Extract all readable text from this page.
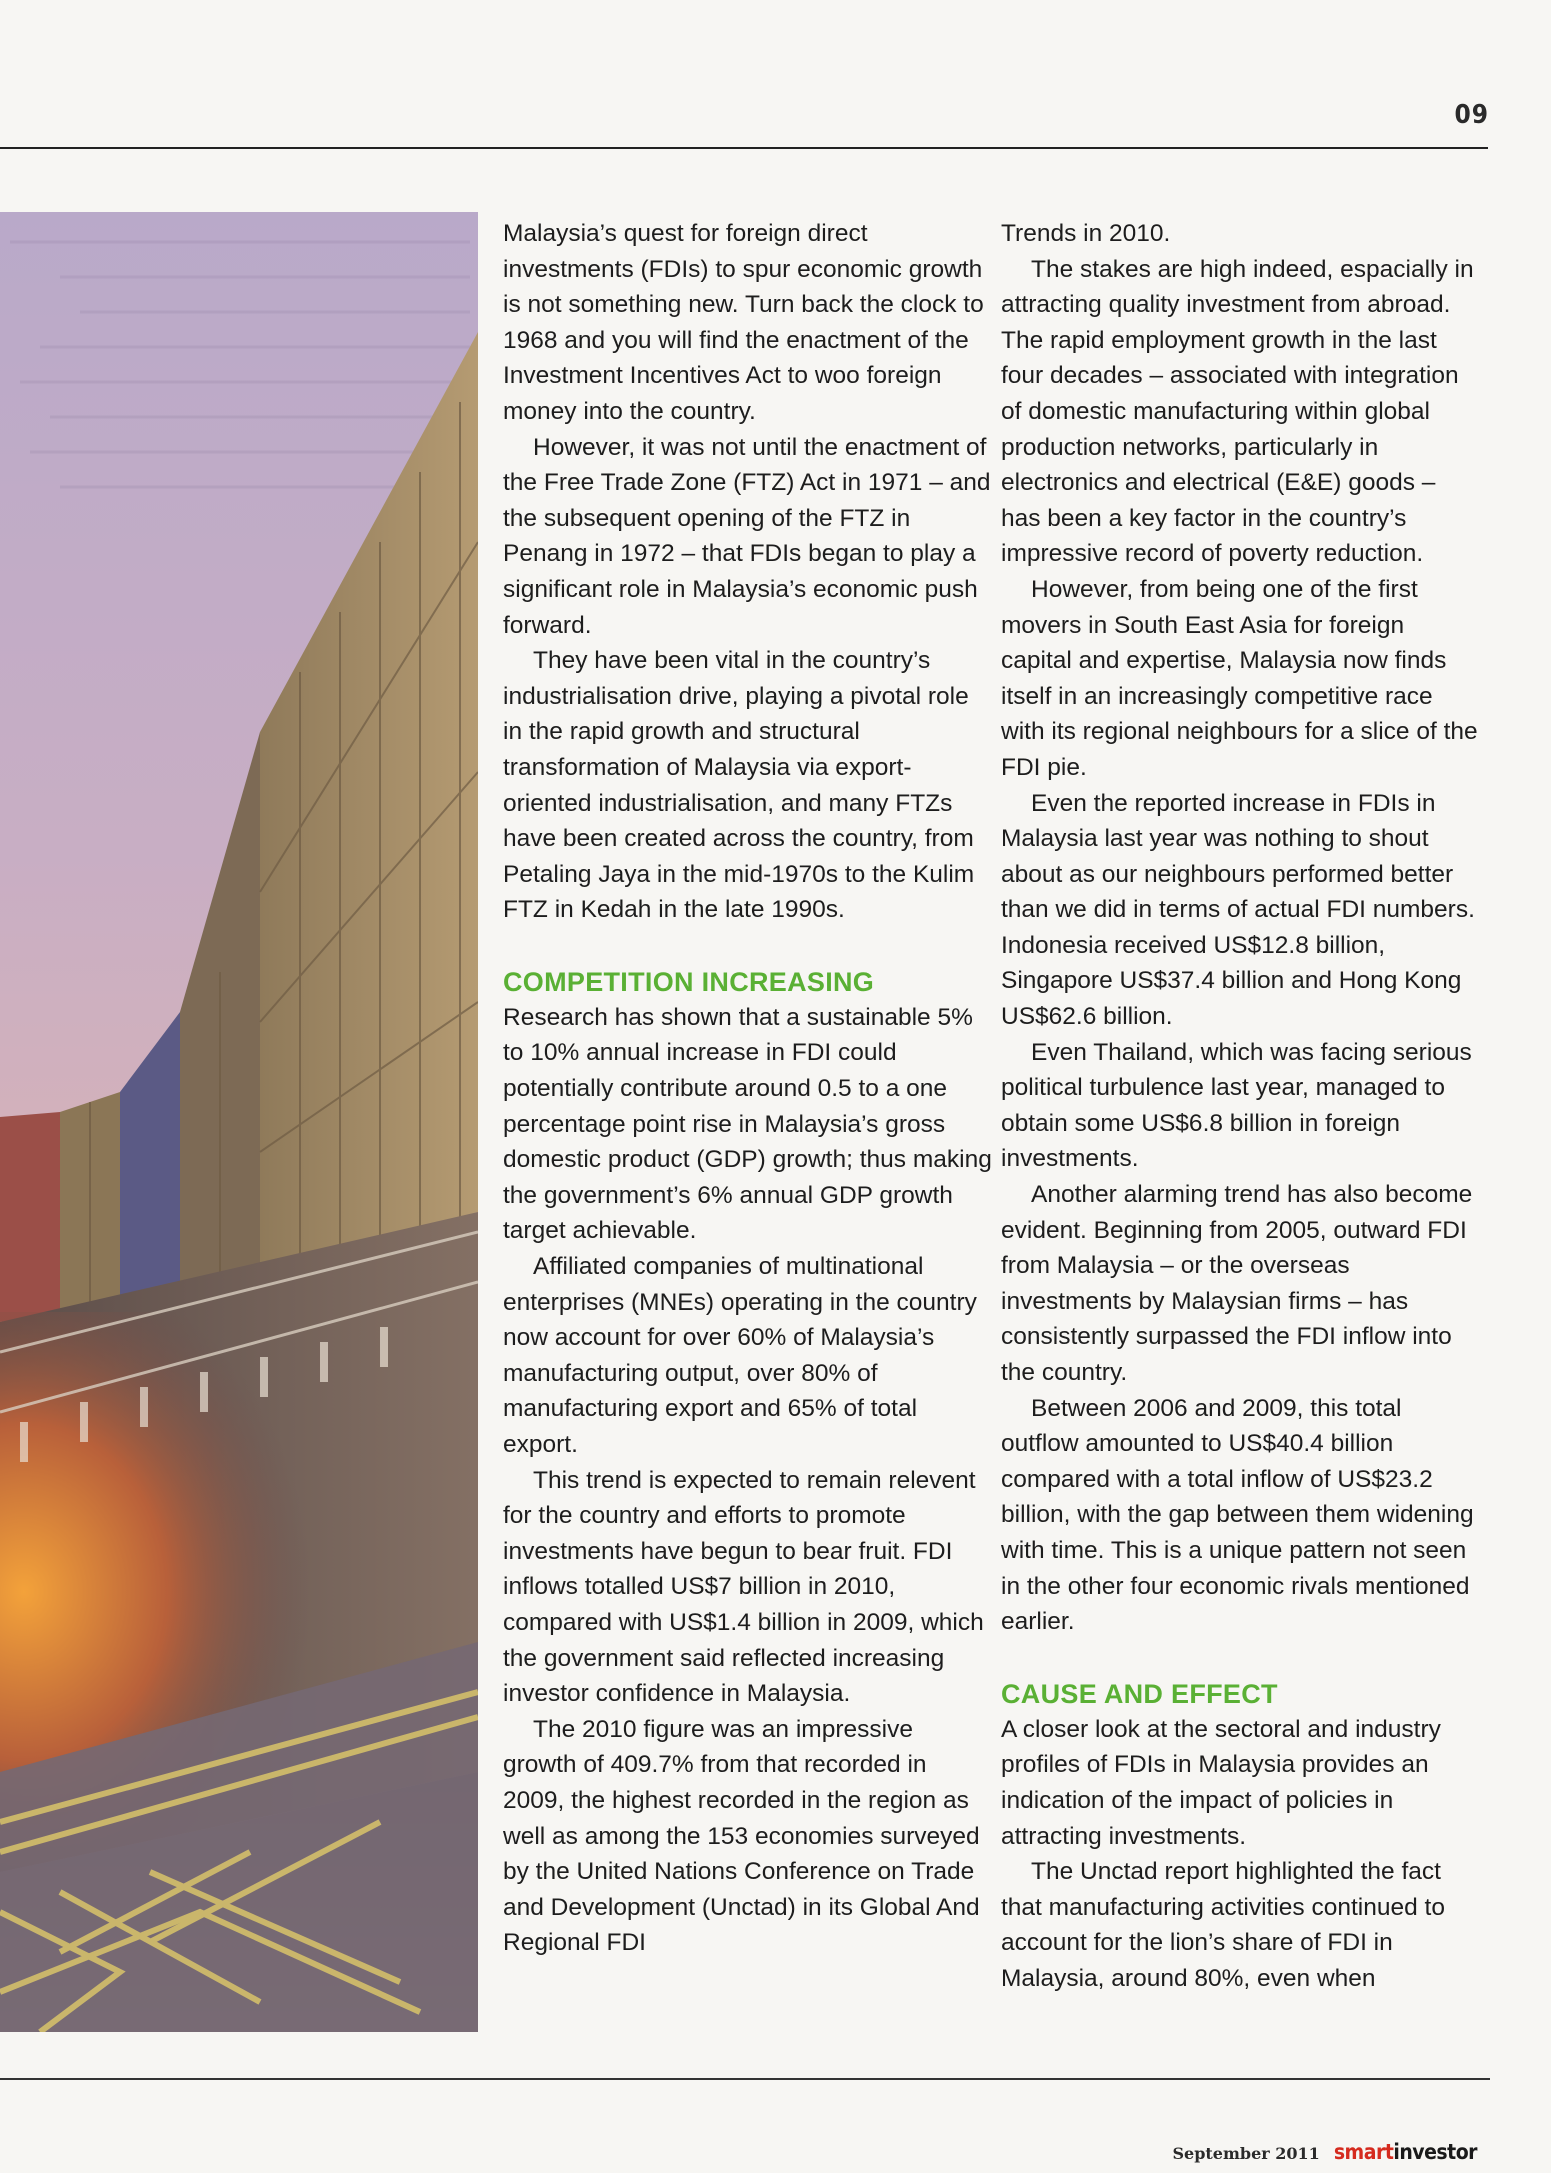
09

Malaysia’s quest for foreign direct investments (FDIs) to spur economic growth is not something new. Turn back the clock to 1968 and you will find the enactment of the Investment Incentives Act to woo foreign money into the country.

However, it was not until the enactment of the Free Trade Zone (FTZ) Act in 1971 – and the subsequent opening of the FTZ in Penang in 1972 – that FDIs began to play a significant role in Malaysia’s economic push forward.

They have been vital in the country’s industrialisation drive, playing a pivotal role in the rapid growth and structural transformation of Malaysia via export-oriented industrialisation, and many FTZs have been created across the country, from Petaling Jaya in the mid-1970s to the Kulim FTZ in Kedah in the late 1990s.

COMPETITION INCREASING

Research has shown that a sustainable 5% to 10% annual increase in FDI could potentially contribute around 0.5 to a one percentage point rise in Malaysia’s gross domestic product (GDP) growth; thus making the government’s 6% annual GDP growth target achievable.

Affiliated companies of multinational enterprises (MNEs) operating in the country now account for over 60% of Malaysia’s manufacturing output, over 80% of manufacturing export and 65% of total export.

This trend is expected to remain relevent for the country and efforts to promote investments have begun to bear fruit. FDI inflows totalled US$7 billion in 2010, compared with US$1.4 billion in 2009, which the government said reflected increasing investor confidence in Malaysia.

The 2010 figure was an impressive growth of 409.7% from that recorded in 2009, the highest recorded in the region as well as among the 153 economies surveyed by the United Nations Conference on Trade and Development (Unctad) in its Global And Regional FDI

Trends in 2010.

The stakes are high indeed, espacially in attracting quality investment from abroad. The rapid employment growth in the last four decades – associated with integration of domestic manufacturing within global production networks, particularly in electronics and electrical (E&E) goods – has been a key factor in the country’s impressive record of poverty reduction.

However, from being one of the first movers in South East Asia for foreign capital and expertise, Malaysia now finds itself in an increasingly competitive race with its regional neighbours for a slice of the FDI pie.

Even the reported increase in FDIs in Malaysia last year was nothing to shout about as our neighbours performed better than we did in terms of actual FDI numbers. Indonesia received US$12.8 billion, Singapore US$37.4 billion and Hong Kong US$62.6 billion.

Even Thailand, which was facing serious political turbulence last year, managed to obtain some US$6.8 billion in foreign investments.

Another alarming trend has also become evident. Beginning from 2005, outward FDI from Malaysia – or the overseas investments by Malaysian firms – has consistently surpassed the FDI inflow into the country.

Between 2006 and 2009, this total outflow amounted to US$40.4 billion compared with a total inflow of US$23.2 billion, with the gap between them widening with time. This is a unique pattern not seen in the other four economic rivals mentioned earlier.

CAUSE AND EFFECT

A closer look at the sectoral and industry profiles of FDIs in Malaysia provides an indication of the impact of policies in attracting investments.

The Unctad report highlighted the fact that manufacturing activities continued to account for the lion’s share of FDI in Malaysia, around 80%, even when

September 2011 smartinvestor
